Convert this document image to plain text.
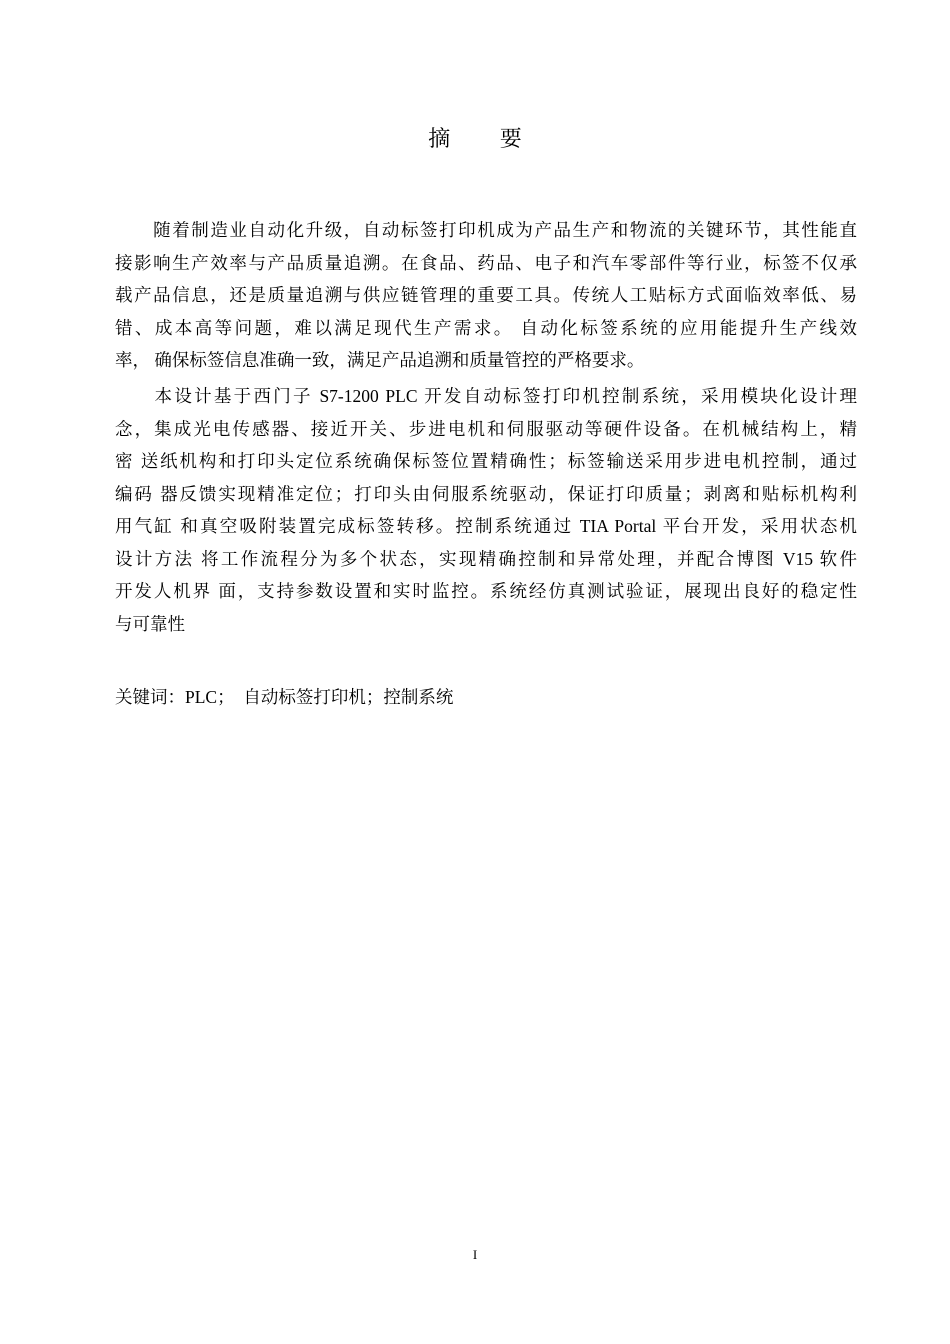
摘 要
　　随着制造业自动化升级，自动标签打印机成为产品生产和物流的关键环节，其性能直
接影响生产效率与产品质量追溯。在食品、药品、电子和汽车零部件等行业，标签不仅承
载产品信息，还是质量追溯与供应链管理的重要工具。传统人工贴标方式面临效率低、易
错、成本高等问题，难以满足现代生产需求。 自动化标签系统的应用能提升生产线效
率， 确保标签信息准确一致，满足产品追溯和质量管控的严格要求。
　　本设计基于西门子 S7-1200 PLC 开发自动标签打印机控制系统，采用模块化设计理
念，集成光电传感器、接近开关、步进电机和伺服驱动等硬件设备。在机械结构上，精
密 送纸机构和打印头定位系统确保标签位置精确性；标签输送采用步进电机控制，通过
编码 器反馈实现精准定位；打印头由伺服系统驱动，保证打印质量；剥离和贴标机构利
用气缸 和真空吸附装置完成标签转移。控制系统通过 TIA Portal 平台开发，采用状态机
设计方法 将工作流程分为多个状态，实现精确控制和异常处理，并配合博图 V15 软件
开发人机界 面，支持参数设置和实时监控。系统经仿真测试验证，展现出良好的稳定性
与可靠性
关键词：PLC；  自动标签打印机；控制系统
I
